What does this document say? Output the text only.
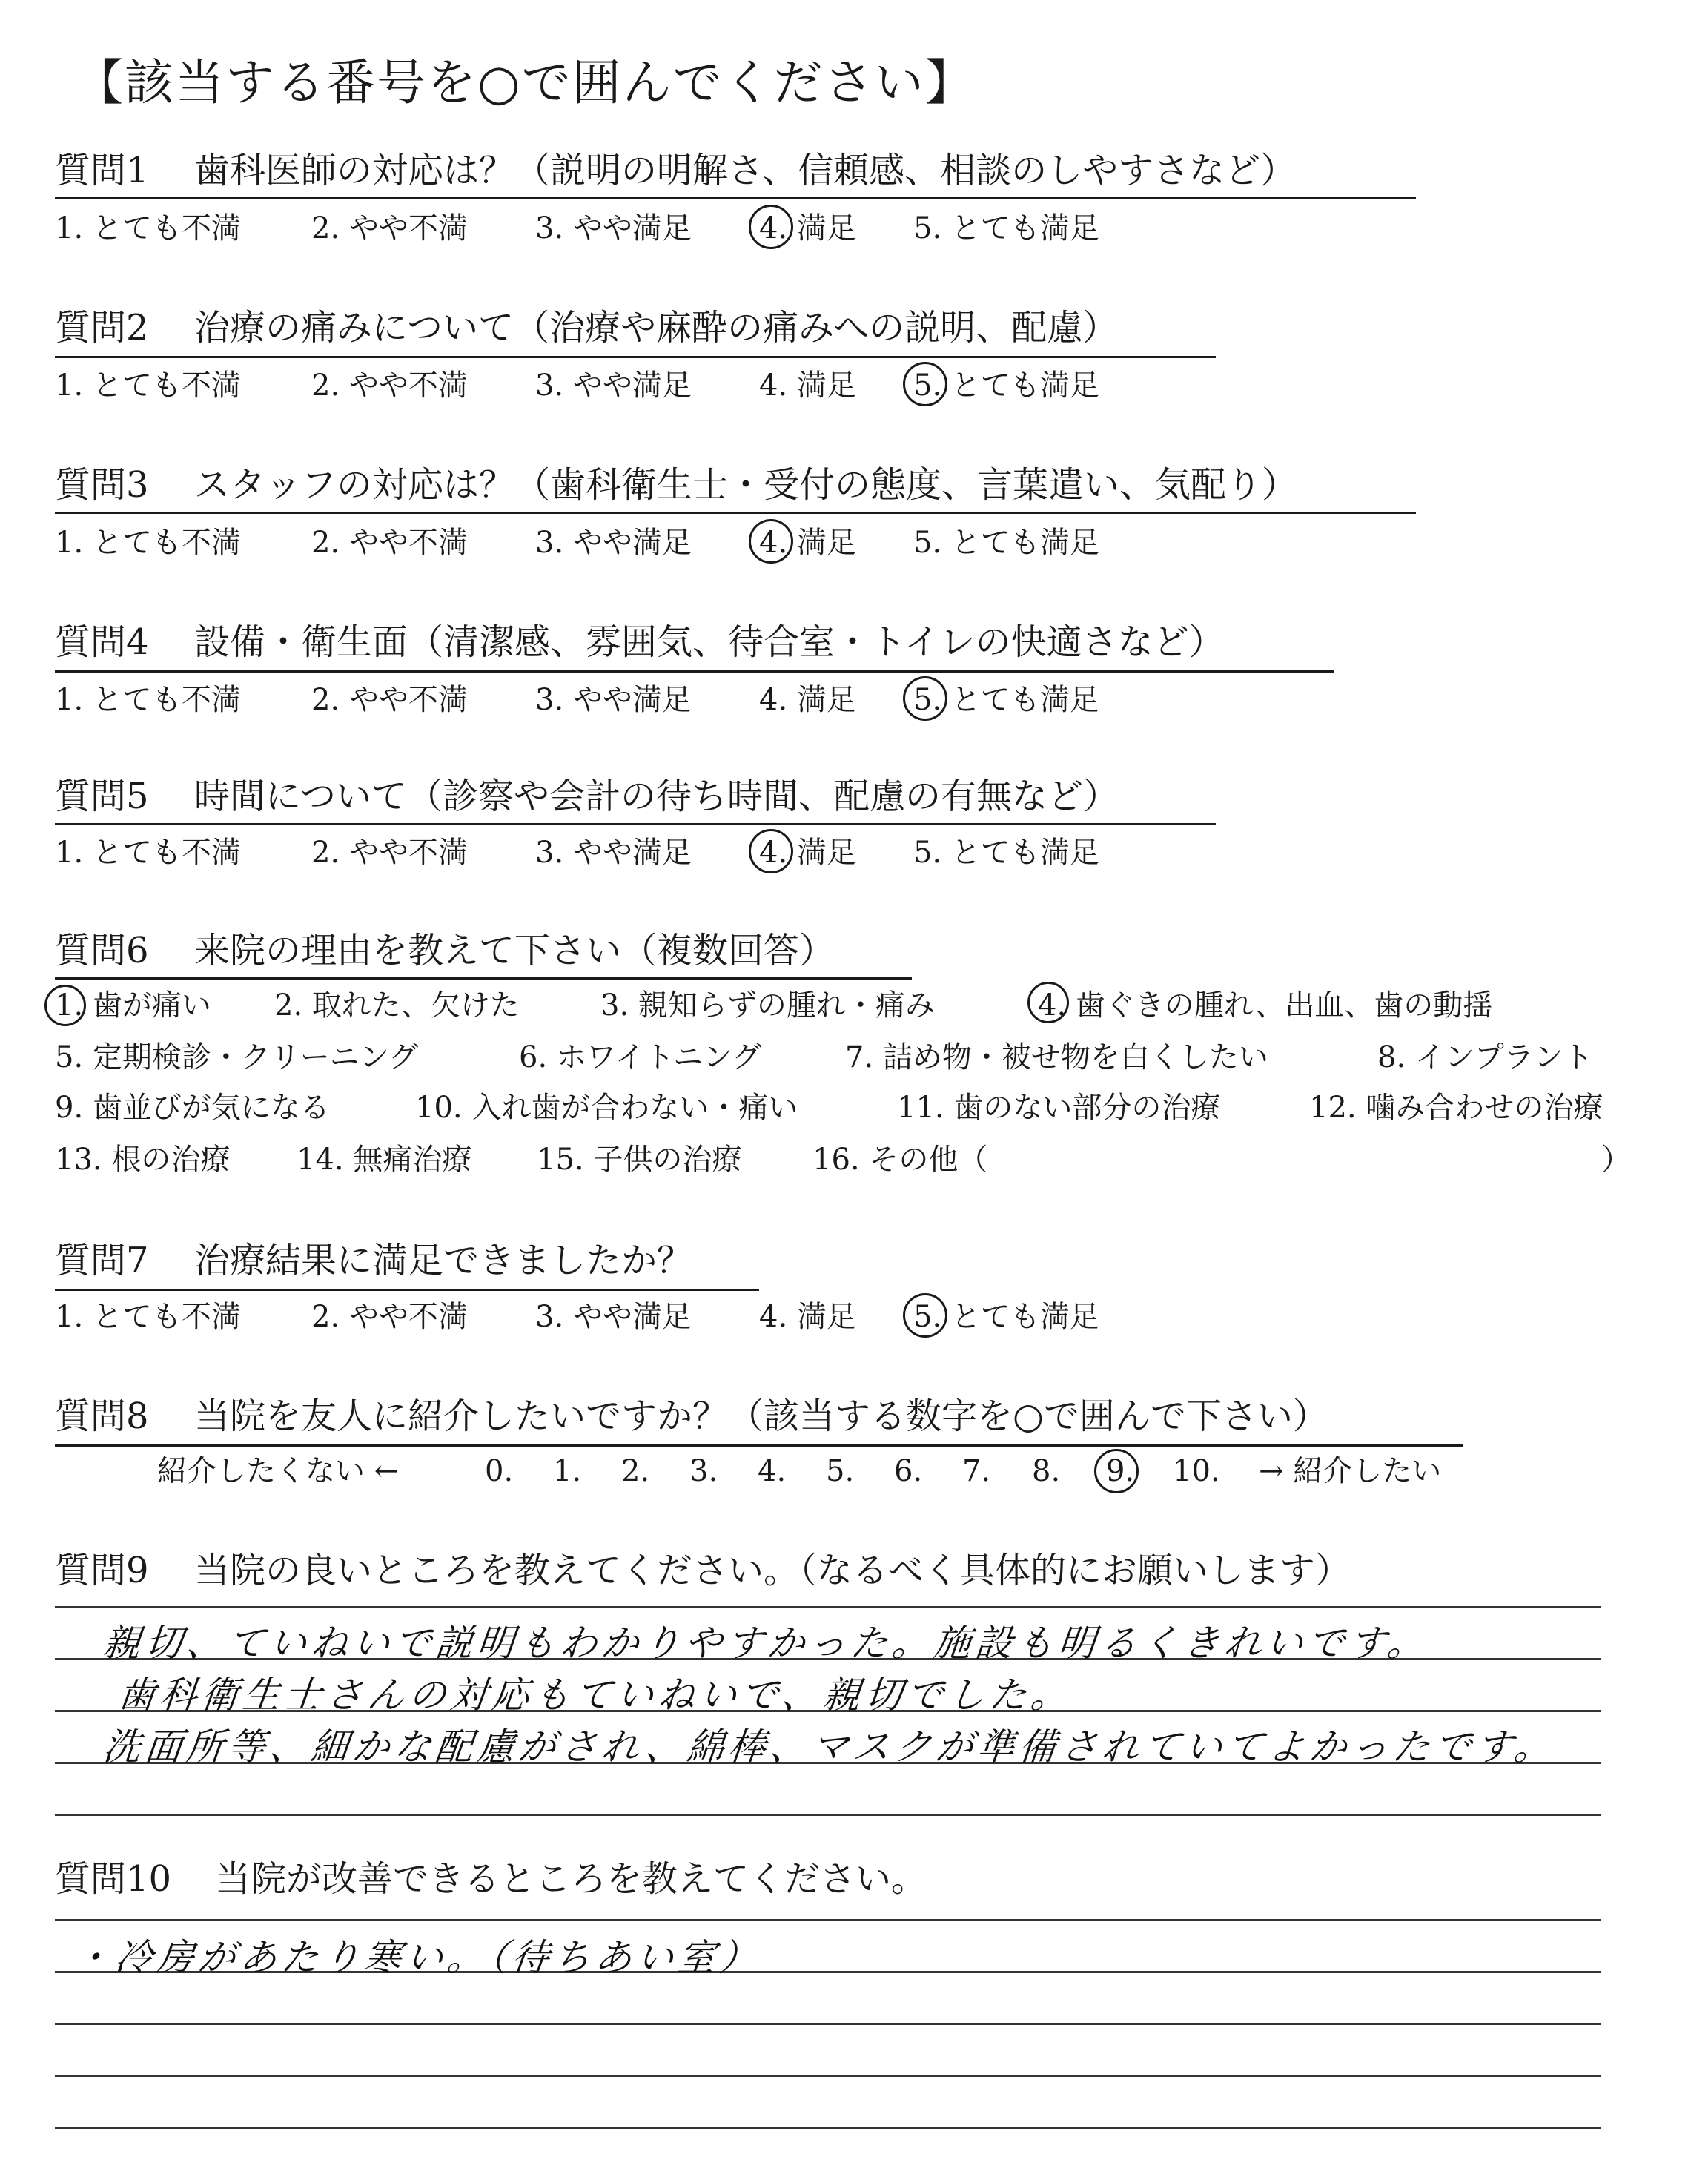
【該当する番号を○で囲んでください】
質問1 歯科医師の対応は？（説明の明解さ、信頼感、相談のしやすさなど）
1. とても不満 2. やや不満 3. やや満足 4. 満足 5. とても満足
質問2 治療の痛みについて（治療や麻酔の痛みへの説明、配慮）
1. とても不満 2. やや不満 3. やや満足 4. 満足 5. とても満足
質問3 スタッフの対応は？（歯科衛生士・受付の態度、言葉遣い、気配り）
1. とても不満 2. やや不満 3. やや満足 4. 満足 5. とても満足
質問4 設備・衛生面（清潔感、雰囲気、待合室・トイレの快適さなど）
1. とても不満 2. やや不満 3. やや満足 4. 満足 5. とても満足
質問5 時間について（診察や会計の待ち時間、配慮の有無など）
1. とても不満 2. やや不満 3. やや満足 4. 満足 5. とても満足
質問6 来院の理由を教えて下さい（複数回答）
1. 歯が痛い 2. 取れた、欠けた	3. 親知らずの腫れ・痛み	4. 歯ぐきの腫れ、出血、歯の動揺
5. 定期検診・クリーニング	6. ホワイトニング	7. 詰め物・被せ物を白くしたい	8. インプラント
9. 歯並びが気になる	10. 入れ歯が合わない・痛い	11. 歯のない部分の治療	12. 噛み合わせの治療
13. 根の治療 14. 無痛治療 15. 子供の治療 16. その他（	）
質問7 治療結果に満足できましたか？
1. とても不満 2. やや不満 3. やや満足 4. 満足 5. とても満足
質問8 当院を友人に紹介したいですか？（該当する数字を○で囲んで下さい）
紹介したくない ←	0. 1. 2. 3. 4. 5. 6. 7. 8. 9. 10. → 紹介したい
質問9 当院の良いところを教えてください。（なるべく具体的にお願いします）
親切、ていねいで説明もわかりやすかった。施設も明るくきれいです。
歯科衛生士さんの対応もていねいで、親切でした。
洗面所等、細かな配慮がされ、綿棒、マスクが準備されていてよかったです。
質問10 当院が改善できるところを教えてください。
・冷房があたり寒い。（待ちあい室）
